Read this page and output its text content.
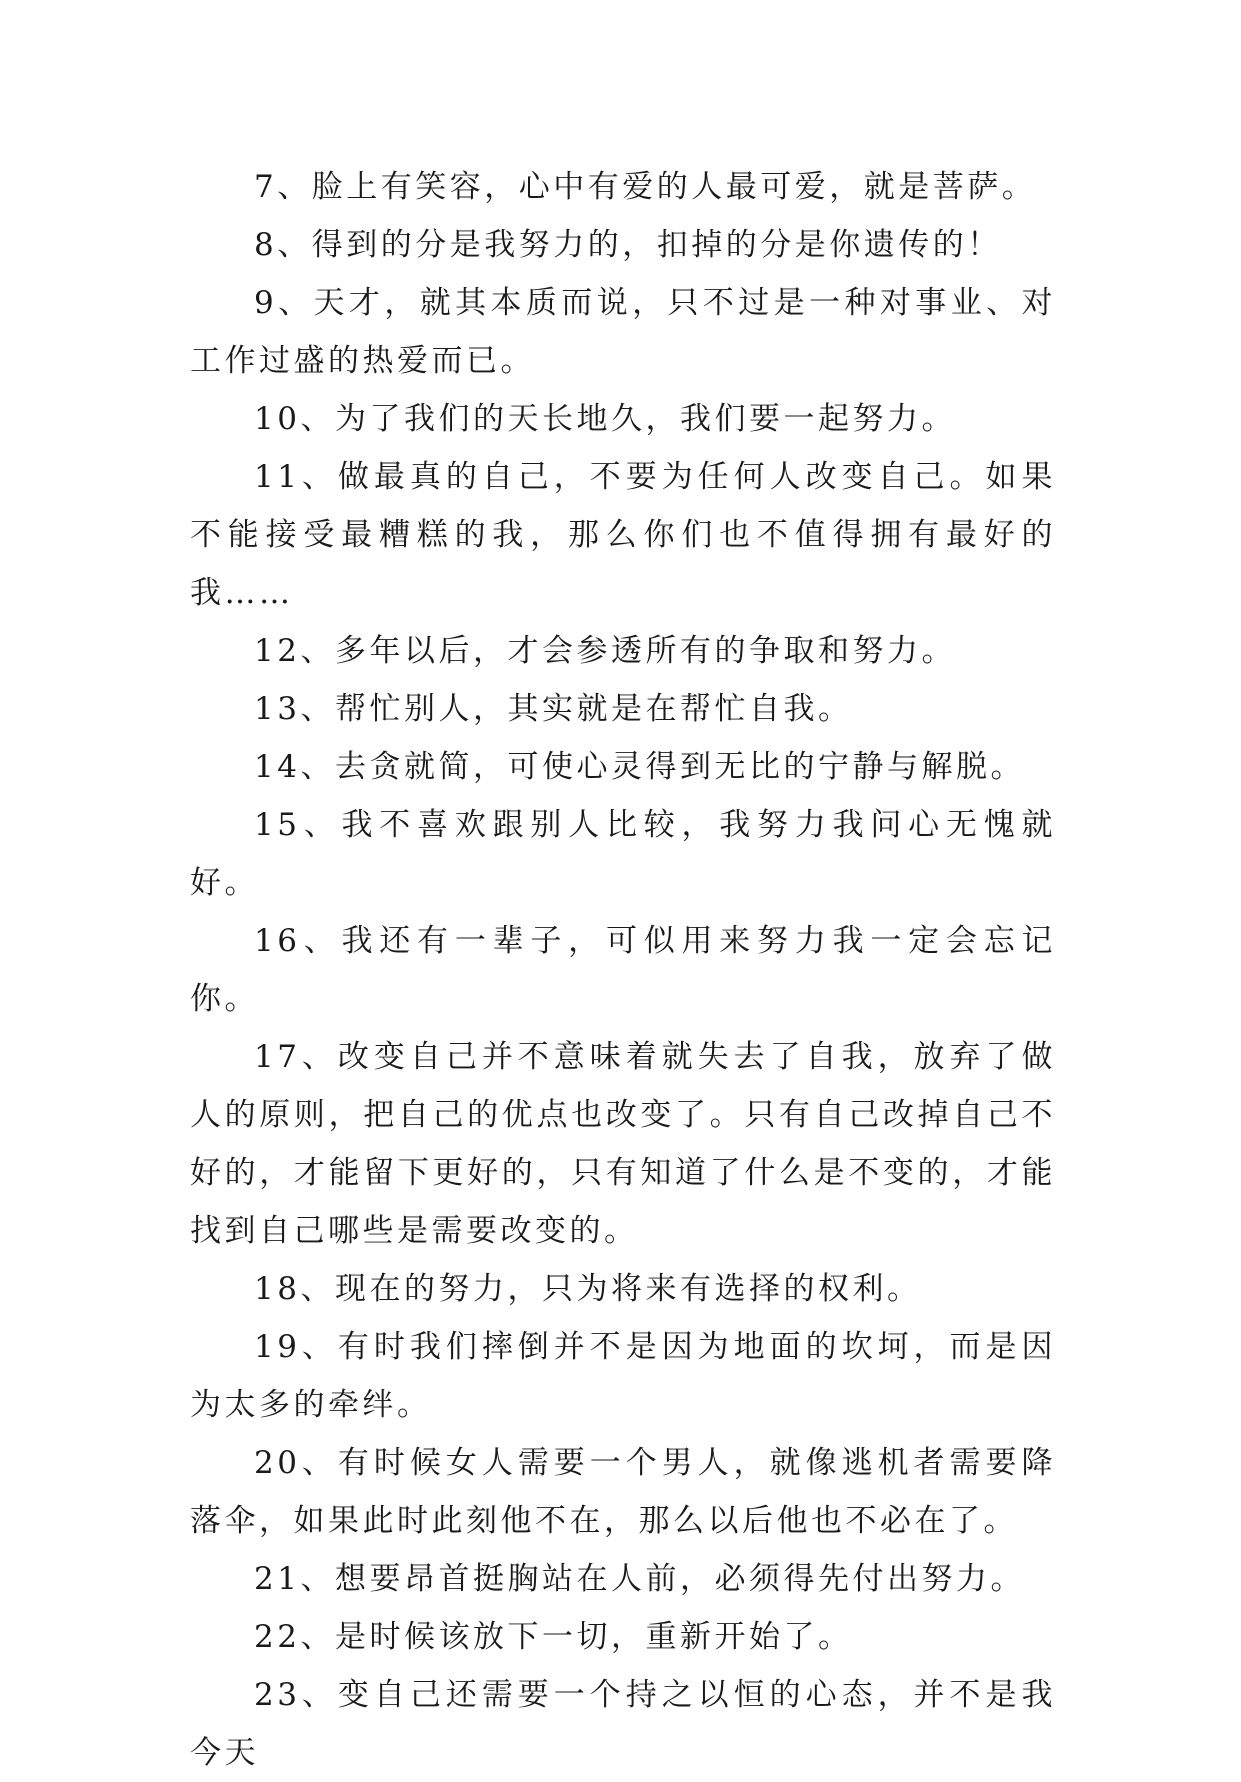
7、脸上有笑容，心中有爱的人最可爱，就是菩萨。

8、得到的分是我努力的，扣掉的分是你遗传的！

9、天才，就其本质而说，只不过是一种对事业、对工作过盛的热爱而已。

10、为了我们的天长地久，我们要一起努力。

11、做最真的自己，不要为任何人改变自己。如果不能接受最糟糕的我，那么你们也不值得拥有最好的我……

12、多年以后，才会参透所有的争取和努力。

13、帮忙别人，其实就是在帮忙自我。

14、去贪就简，可使心灵得到无比的宁静与解脱。

15、我不喜欢跟别人比较，我努力我问心无愧就好。

16、我还有一辈子，可似用来努力我一定会忘记你。

17、改变自己并不意味着就失去了自我，放弃了做人的原则，把自己的优点也改变了。只有自己改掉自己不好的，才能留下更好的，只有知道了什么是不变的，才能找到自己哪些是需要改变的。

18、现在的努力，只为将来有选择的权利。

19、有时我们摔倒并不是因为地面的坎坷，而是因为太多的牵绊。

20、有时候女人需要一个男人，就像逃机者需要降落伞，如果此时此刻他不在，那么以后他也不必在了。

21、想要昂首挺胸站在人前，必须得先付出努力。

22、是时候该放下一切，重新开始了。

23、变自己还需要一个持之以恒的心态，并不是我今天
